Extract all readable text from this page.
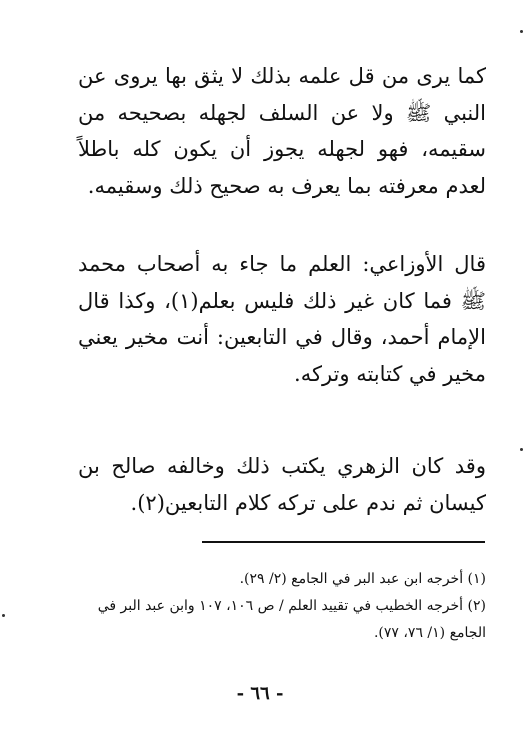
كما يرى من قل علمه بذلك لا يثق بها يروى عن النبي ﷺ ولا عن السلف لجهله بصحيحه من سقيمه، فهو لجهله يجوز أن يكون كله باطلاً لعدم معرفته بما يعرف به صحيح ذلك وسقيمه.

قال الأوزاعي: العلم ما جاء به أصحاب محمد ﷺ فما كان غير ذلك فليس بعلم(١)، وكذا قال الإمام أحمد، وقال في التابعين: أنت مخير يعني مخير في كتابته وتركه.

وقد كان الزهري يكتب ذلك وخالفه صالح بن كيسان ثم ندم على تركه كلام التابعين(٢).

(١) أخرجه ابن عبد البر في الجامع (٢/ ٢٩).
(٢) أخرجه الخطيب في تقييد العلم / ص ١٠٦، ١٠٧ وابن عبد البر في الجامع (١/ ٧٦، ٧٧).
- ٦٦ -
